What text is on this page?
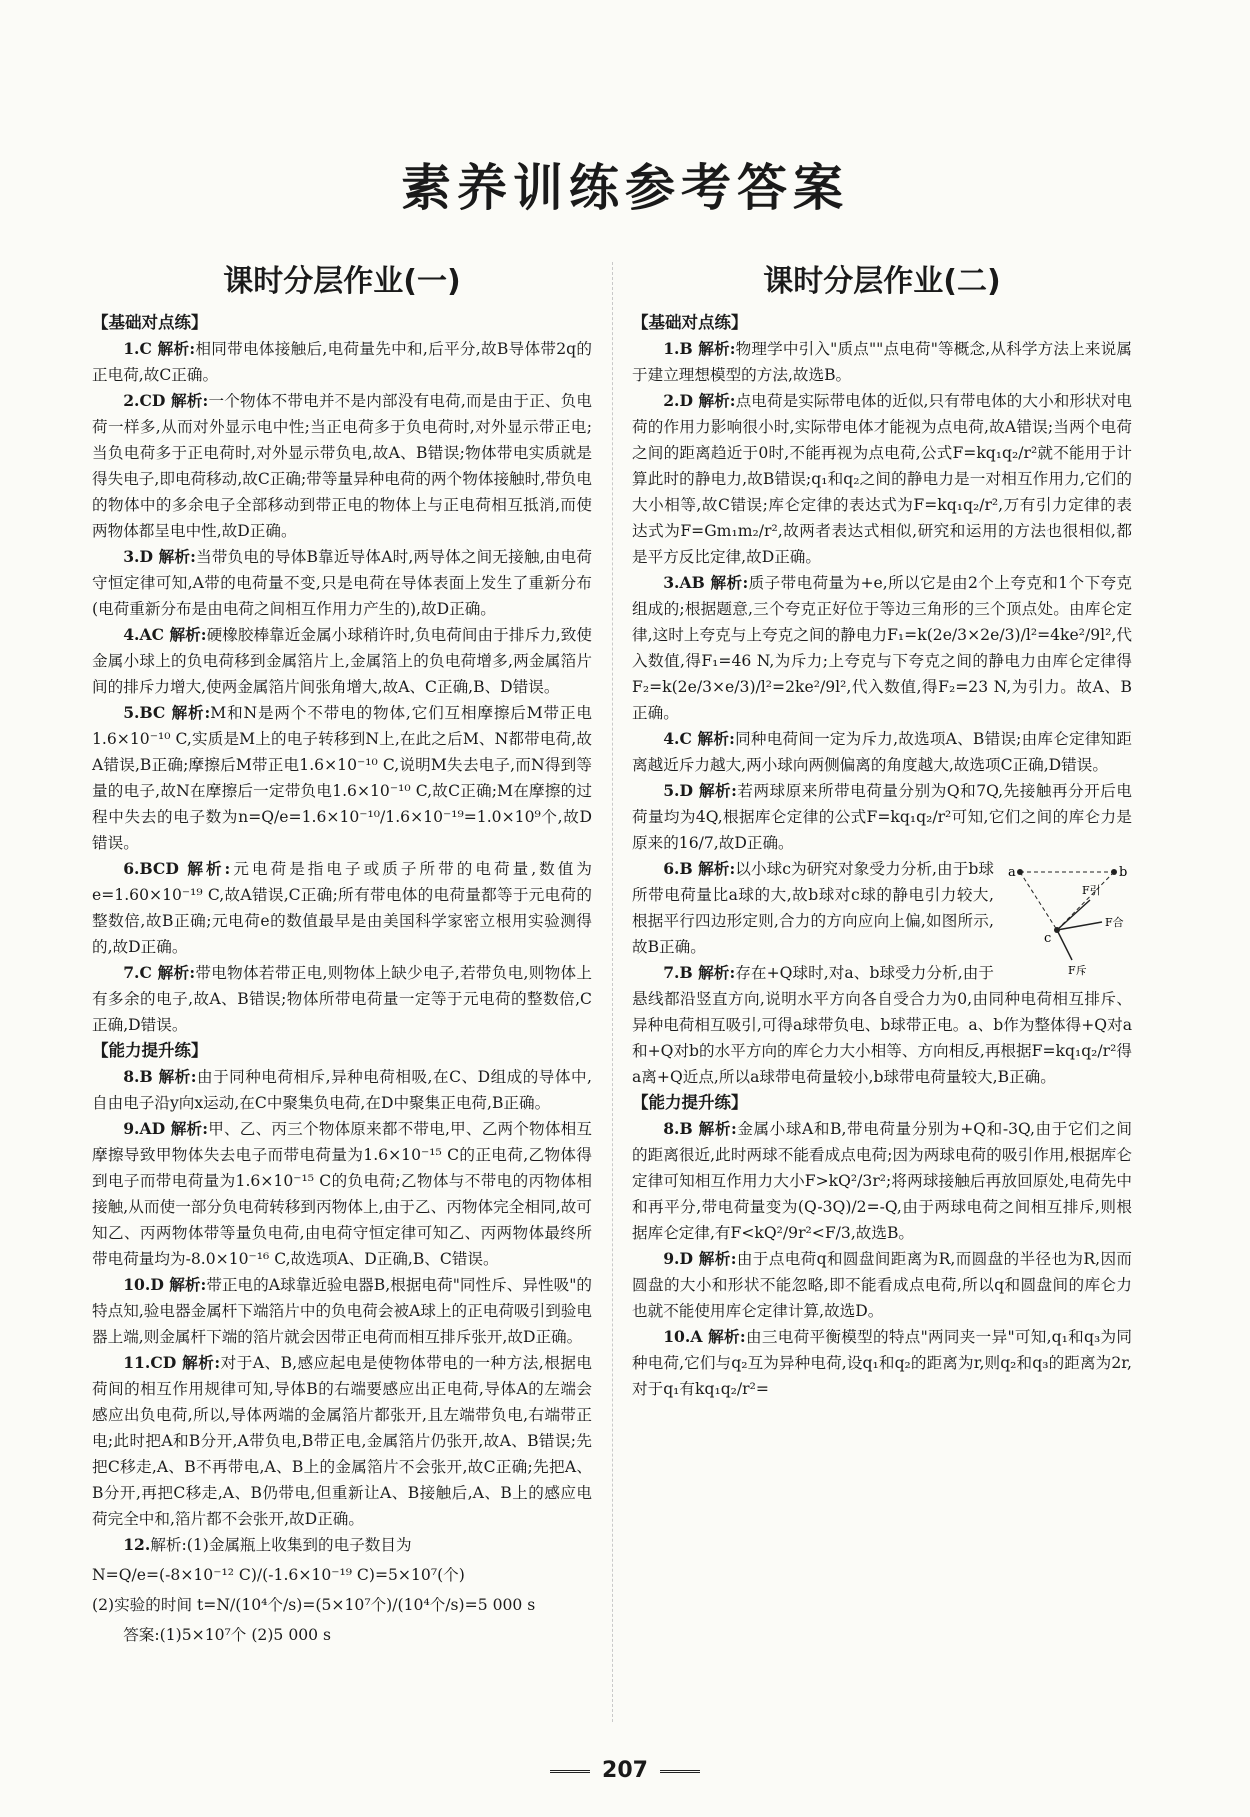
素养训练参考答案
课时分层作业(一)

【基础对点练】

1.C 解析:相同带电体接触后,电荷量先中和,后平分,故B导体带2q的正电荷,故C正确。

2.CD 解析:一个物体不带电并不是内部没有电荷,而是由于正、负电荷一样多,从而对外显示电中性;当正电荷多于负电荷时,对外显示带正电;当负电荷多于正电荷时,对外显示带负电,故A、B错误;物体带电实质就是得失电子,即电荷移动,故C正确;带等量异种电荷的两个物体接触时,带负电的物体中的多余电子全部移动到带正电的物体上与正电荷相互抵消,而使两物体都呈电中性,故D正确。

3.D 解析:当带负电的导体B靠近导体A时,两导体之间无接触,由电荷守恒定律可知,A带的电荷量不变,只是电荷在导体表面上发生了重新分布(电荷重新分布是由电荷之间相互作用力产生的),故D正确。

4.AC 解析:硬橡胶棒靠近金属小球稍许时,负电荷间由于排斥力,致使金属小球上的负电荷移到金属箔片上,金属箔上的负电荷增多,两金属箔片间的排斥力增大,使两金属箔片间张角增大,故A、C正确,B、D错误。

5.BC 解析:M和N是两个不带电的物体,它们互相摩擦后M带正电1.6×10⁻¹⁰ C,实质是M上的电子转移到N上,在此之后M、N都带电荷,故A错误,B正确;摩擦后M带正电1.6×10⁻¹⁰ C,说明M失去电子,而N得到等量的电子,故N在摩擦后一定带负电1.6×10⁻¹⁰ C,故C正确;M在摩擦的过程中失去的电子数为n=Q/e=1.6×10⁻¹⁰/1.6×10⁻¹⁹=1.0×10⁹个,故D错误。

6.BCD 解析:元电荷是指电子或质子所带的电荷量,数值为e=1.60×10⁻¹⁹ C,故A错误,C正确;所有带电体的电荷量都等于元电荷的整数倍,故B正确;元电荷e的数值最早是由美国科学家密立根用实验测得的,故D正确。

7.C 解析:带电物体若带正电,则物体上缺少电子,若带负电,则物体上有多余的电子,故A、B错误;物体所带电荷量一定等于元电荷的整数倍,C正确,D错误。

【能力提升练】

8.B 解析:由于同种电荷相斥,异种电荷相吸,在C、D组成的导体中,自由电子沿y向x运动,在C中聚集负电荷,在D中聚集正电荷,B正确。

9.AD 解析:甲、乙、丙三个物体原来都不带电,甲、乙两个物体相互摩擦导致甲物体失去电子而带电荷量为1.6×10⁻¹⁵ C的正电荷,乙物体得到电子而带电荷量为1.6×10⁻¹⁵ C的负电荷;乙物体与不带电的丙物体相接触,从而使一部分负电荷转移到丙物体上,由于乙、丙物体完全相同,故可知乙、丙两物体带等量负电荷,由电荷守恒定律可知乙、丙两物体最终所带电荷量均为-8.0×10⁻¹⁶ C,故选项A、D正确,B、C错误。

10.D 解析:带正电的A球靠近验电器B,根据电荷"同性斥、异性吸"的特点知,验电器金属杆下端箔片中的负电荷会被A球上的正电荷吸引到验电器上端,则金属杆下端的箔片就会因带正电荷而相互排斥张开,故D正确。

11.CD 解析:对于A、B,感应起电是使物体带电的一种方法,根据电荷间的相互作用规律可知,导体B的右端要感应出正电荷,导体A的左端会感应出负电荷,所以,导体两端的金属箔片都张开,且左端带负电,右端带正电;此时把A和B分开,A带负电,B带正电,金属箔片仍张开,故A、B错误;先把C移走,A、B不再带电,A、B上的金属箔片不会张开,故C正确;先把A、B分开,再把C移走,A、B仍带电,但重新让A、B接触后,A、B上的感应电荷完全中和,箔片都不会张开,故D正确。

12.解析:(1)金属瓶上收集到的电子数目为

N=Q/e=(-8×10⁻¹² C)/(-1.6×10⁻¹⁹ C)=5×10⁷(个)

(2)实验的时间 t=N/(10⁴个/s)=(5×10⁷个)/(10⁴个/s)=5 000 s

答案:(1)5×10⁷个 (2)5 000 s

课时分层作业(二)

【基础对点练】

1.B 解析:物理学中引入"质点""点电荷"等概念,从科学方法上来说属于建立理想模型的方法,故选B。

2.D 解析:点电荷是实际带电体的近似,只有带电体的大小和形状对电荷的作用力影响很小时,实际带电体才能视为点电荷,故A错误;当两个电荷之间的距离趋近于0时,不能再视为点电荷,公式F=kq₁q₂/r²就不能用于计算此时的静电力,故B错误;q₁和q₂之间的静电力是一对相互作用力,它们的大小相等,故C错误;库仑定律的表达式为F=kq₁q₂/r²,万有引力定律的表达式为F=Gm₁m₂/r²,故两者表达式相似,研究和运用的方法也很相似,都是平方反比定律,故D正确。

3.AB 解析:质子带电荷量为+e,所以它是由2个上夸克和1个下夸克组成的;根据题意,三个夸克正好位于等边三角形的三个顶点处。由库仑定律,这时上夸克与上夸克之间的静电力F₁=k(2e/3×2e/3)/l²=4ke²/9l²,代入数值,得F₁=46 N,为斥力;上夸克与下夸克之间的静电力由库仑定律得F₂=k(2e/3×e/3)/l²=2ke²/9l²,代入数值,得F₂=23 N,为引力。故A、B正确。

4.C 解析:同种电荷间一定为斥力,故选项A、B错误;由库仑定律知距离越近斥力越大,两小球向两侧偏离的角度越大,故选项C正确,D错误。

5.D 解析:若两球原来所带电荷量分别为Q和7Q,先接触再分开后电荷量均为4Q,根据库仑定律的公式F=kq₁q₂/r²可知,它们之间的库仑力是原来的16/7,故D正确。

a	b
c
F引
F合
F斥
6.B 解析:以小球c为研究对象受力分析,由于b球所带电荷量比a球的大,故b球对c球的静电引力较大,根据平行四边形定则,合力的方向应向上偏,如图所示,故B正确。

7.B 解析:存在+Q球时,对a、b球受力分析,由于悬线都沿竖直方向,说明水平方向各自受合力为0,由同种电荷相互排斥、异种电荷相互吸引,可得a球带负电、b球带正电。a、b作为整体得+Q对a和+Q对b的水平方向的库仑力大小相等、方向相反,再根据F=kq₁q₂/r²得a离+Q近点,所以a球带电荷量较小,b球带电荷量较大,B正确。

【能力提升练】

8.B 解析:金属小球A和B,带电荷量分别为+Q和-3Q,由于它们之间的距离很近,此时两球不能看成点电荷;因为两球电荷的吸引作用,根据库仑定律可知相互作用力大小F>kQ²/3r²;将两球接触后再放回原处,电荷先中和再平分,带电荷量变为(Q-3Q)/2=-Q,由于两球电荷之间相互排斥,则根据库仑定律,有F<kQ²/9r²<F/3,故选B。

9.D 解析:由于点电荷q和圆盘间距离为R,而圆盘的半径也为R,因而圆盘的大小和形状不能忽略,即不能看成点电荷,所以q和圆盘间的库仑力也就不能使用库仑定律计算,故选D。

10.A 解析:由三电荷平衡模型的特点"两同夹一异"可知,q₁和q₃为同种电荷,它们与q₂互为异种电荷,设q₁和q₂的距离为r,则q₂和q₃的距离为2r,对于q₁有kq₁q₂/r²=

207
